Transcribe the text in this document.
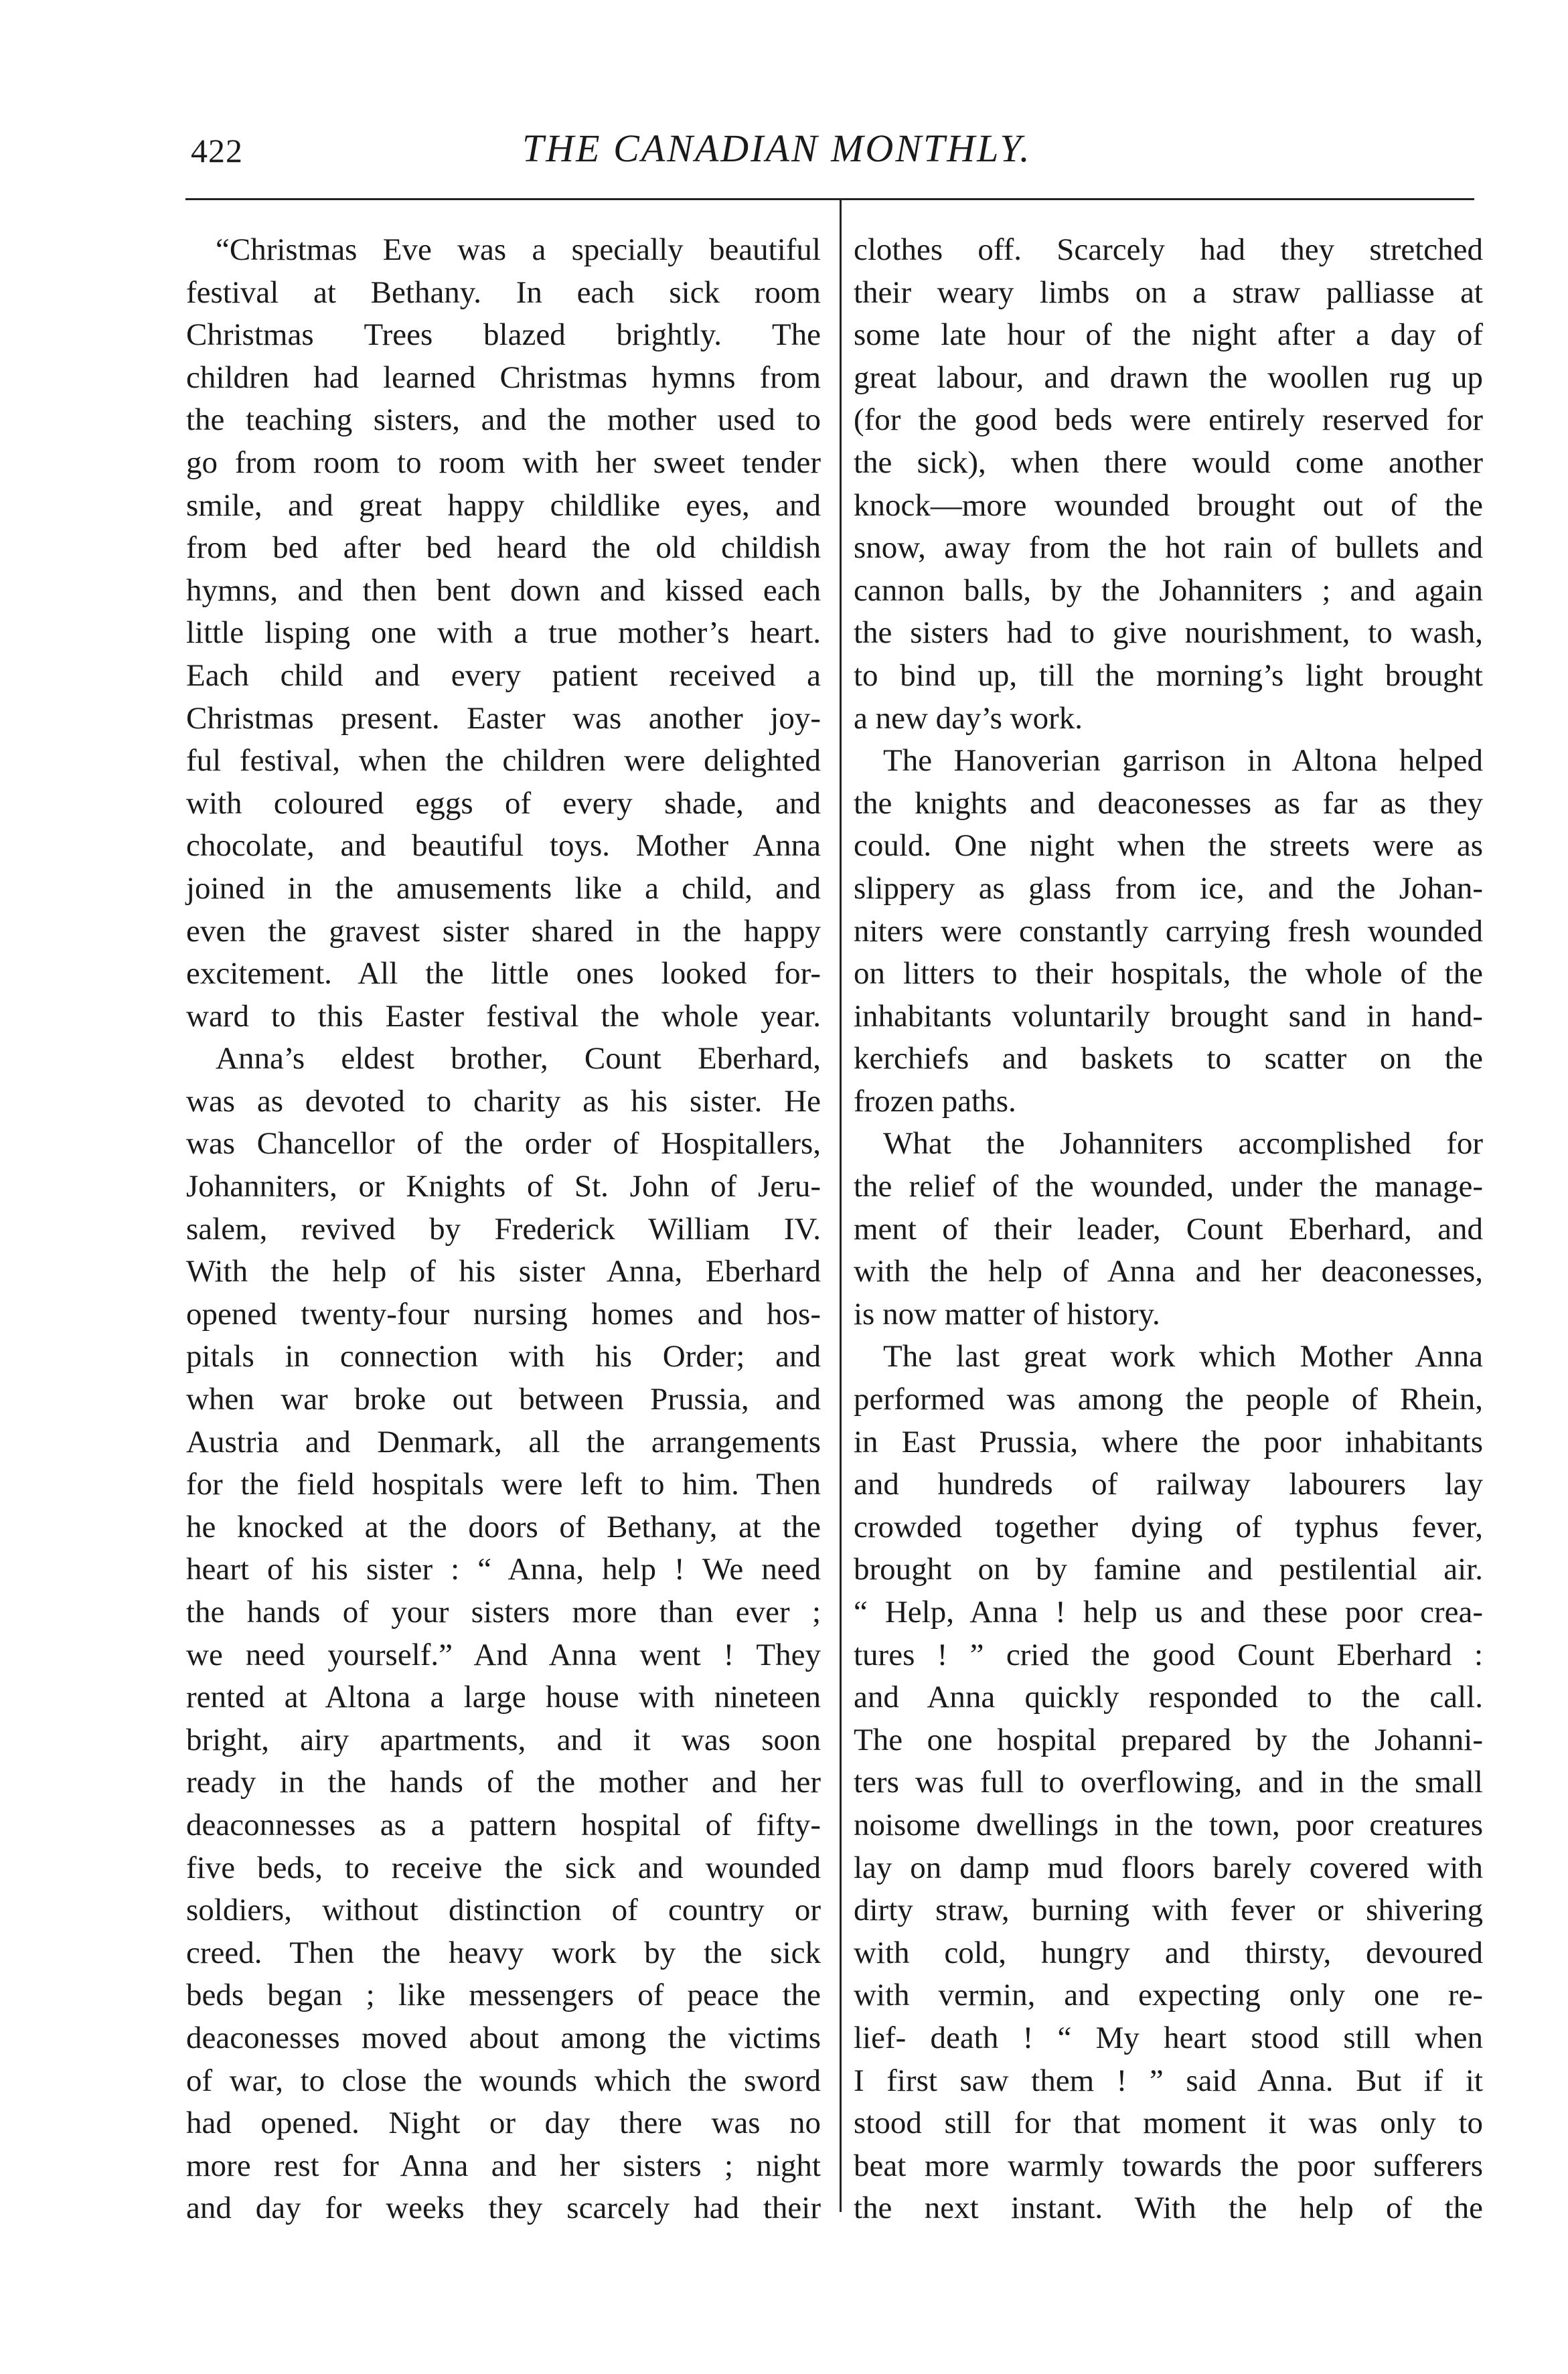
422	THE CANADIAN MONTHLY.
“Christmas Eve was a specially beautiful
festival at Bethany. In each sick room
Christmas Trees blazed brightly. The
children had learned Christmas hymns from
the teaching sisters, and the mother used to
go from room to room with her sweet tender
smile, and great happy childlike eyes, and
from bed after bed heard the old childish
hymns, and then bent down and kissed each
little lisping one with a true mother’s heart.
Each child and every patient received a
Christmas present. Easter was another joy-
ful festival, when the children were delighted
with coloured eggs of every shade, and
chocolate, and beautiful toys. Mother Anna
joined in the amusements like a child, and
even the gravest sister shared in the happy
excitement. All the little ones looked for-
ward to this Easter festival the whole year.
Anna’s eldest brother, Count Eberhard,
was as devoted to charity as his sister. He
was Chancellor of the order of Hospitallers,
Johanniters, or Knights of St. John of Jeru-
salem, revived by Frederick William IV.
With the help of his sister Anna, Eberhard
opened twenty-four nursing homes and hos-
pitals in connection with his Order; and
when war broke out between Prussia, and
Austria and Denmark, all the arrangements
for the field hospitals were left to him. Then
he knocked at the doors of Bethany, at the
heart of his sister : “ Anna, help ! We need
the hands of your sisters more than ever ;
we need yourself.” And Anna went ! They
rented at Altona a large house with nineteen
bright, airy apartments, and it was soon
ready in the hands of the mother and her
deaconnesses as a pattern hospital of fifty-
five beds, to receive the sick and wounded
soldiers, without distinction of country or
creed. Then the heavy work by the sick
beds began ; like messengers of peace the
deaconesses moved about among the victims
of war, to close the wounds which the sword
had opened. Night or day there was no
more rest for Anna and her sisters ; night
and day for weeks they scarcely had their
clothes off. Scarcely had they stretched
their weary limbs on a straw palliasse at
some late hour of the night after a day of
great labour, and drawn the woollen rug up
(for the good beds were entirely reserved for
the sick), when there would come another
knock—more wounded brought out of the
snow, away from the hot rain of bullets and
cannon balls, by the Johanniters ; and again
the sisters had to give nourishment, to wash,
to bind up, till the morning’s light brought
a new day’s work.
The Hanoverian garrison in Altona helped
the knights and deaconesses as far as they
could. One night when the streets were as
slippery as glass from ice, and the Johan-
niters were constantly carrying fresh wounded
on litters to their hospitals, the whole of the
inhabitants voluntarily brought sand in hand-
kerchiefs and baskets to scatter on the
frozen paths.
What the Johanniters accomplished for
the relief of the wounded, under the manage-
ment of their leader, Count Eberhard, and
with the help of Anna and her deaconesses,
is now matter of history.
The last great work which Mother Anna
performed was among the people of Rhein,
in East Prussia, where the poor inhabitants
and hundreds of railway labourers lay
crowded together dying of typhus fever,
brought on by famine and pestilential air.
“ Help, Anna ! help us and these poor crea-
tures ! ” cried the good Count Eberhard :
and Anna quickly responded to the call.
The one hospital prepared by the Johanni-
ters was full to overflowing, and in the small
noisome dwellings in the town, poor creatures
lay on damp mud floors barely covered with
dirty straw, burning with fever or shivering
with cold, hungry and thirsty, devoured
with vermin, and expecting only one re-
lief- death ! “ My heart stood still when
I first saw them ! ” said Anna. But if it
stood still for that moment it was only to
beat more warmly towards the poor sufferers
the next instant. With the help of the
